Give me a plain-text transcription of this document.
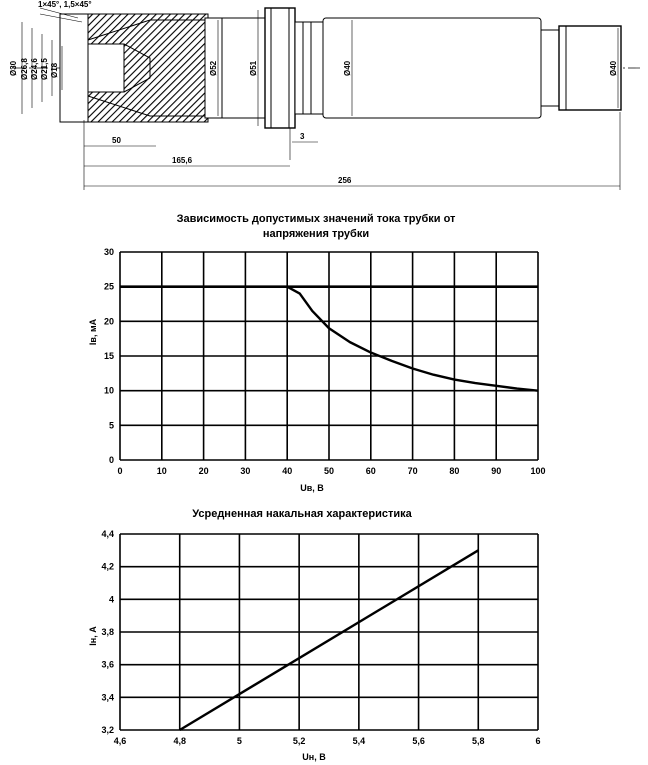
1×45°, 1,5×45°
Ø30 Ø26,8 Ø24,6 Ø21,5 Ø18	Ø52	Ø51	Ø40	Ø40
50
165,6
256
3
Зависимость допустимых значений тока трубки от
напряжения трубки
Uв, В
Iв, мА
0	10	20	30	40	50	60	70	80	90	100
0
5
10
15
20
25
30
Усредненная накальная характеристика
Uн, В
Iн, А
4,6	4,8	5	5,2	5,4	5,6	5,8	6
3,2
3,4
3,6
3,8
4
4,2
4,4
